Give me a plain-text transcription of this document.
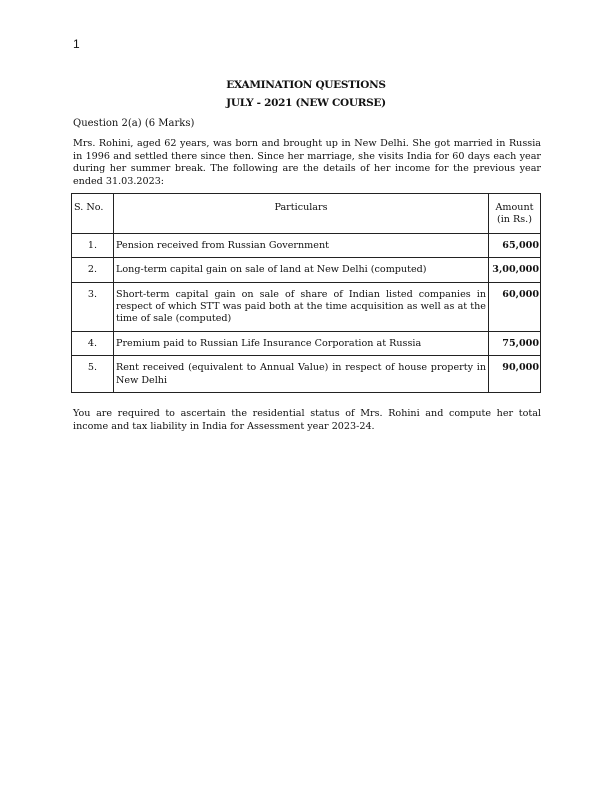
1
EXAMINATION QUESTIONS
JULY - 2021 (NEW COURSE)
Question 2(a) (6 Marks)
Mrs. Rohini, aged 62 years, was born and brought up in New Delhi. She got married in Russia in 1996 and settled there since then. Since her marriage, she visits India for 60 days each year during her summer break. The following are the details of her income for the previous year ended 31.03.2023:
S. No.	Particulars	Amount
(in Rs.)

1.	Pension received from Russian Government	65,000
2.	Long-term capital gain on sale of land at New Delhi (computed)	3,00,000
3.	Short-term capital gain on sale of share of Indian listed companies in respect of which STT was paid both at the time acquisition as well as at the time of sale (computed)	60,000
4.	Premium paid to Russian Life Insurance Corporation at Russia	75,000
5.	Rent received (equivalent to Annual Value) in respect of house property in New Delhi	90,000
You are required to ascertain the residential status of Mrs. Rohini and compute her total income and tax liability in India for Assessment year 2023-24.
